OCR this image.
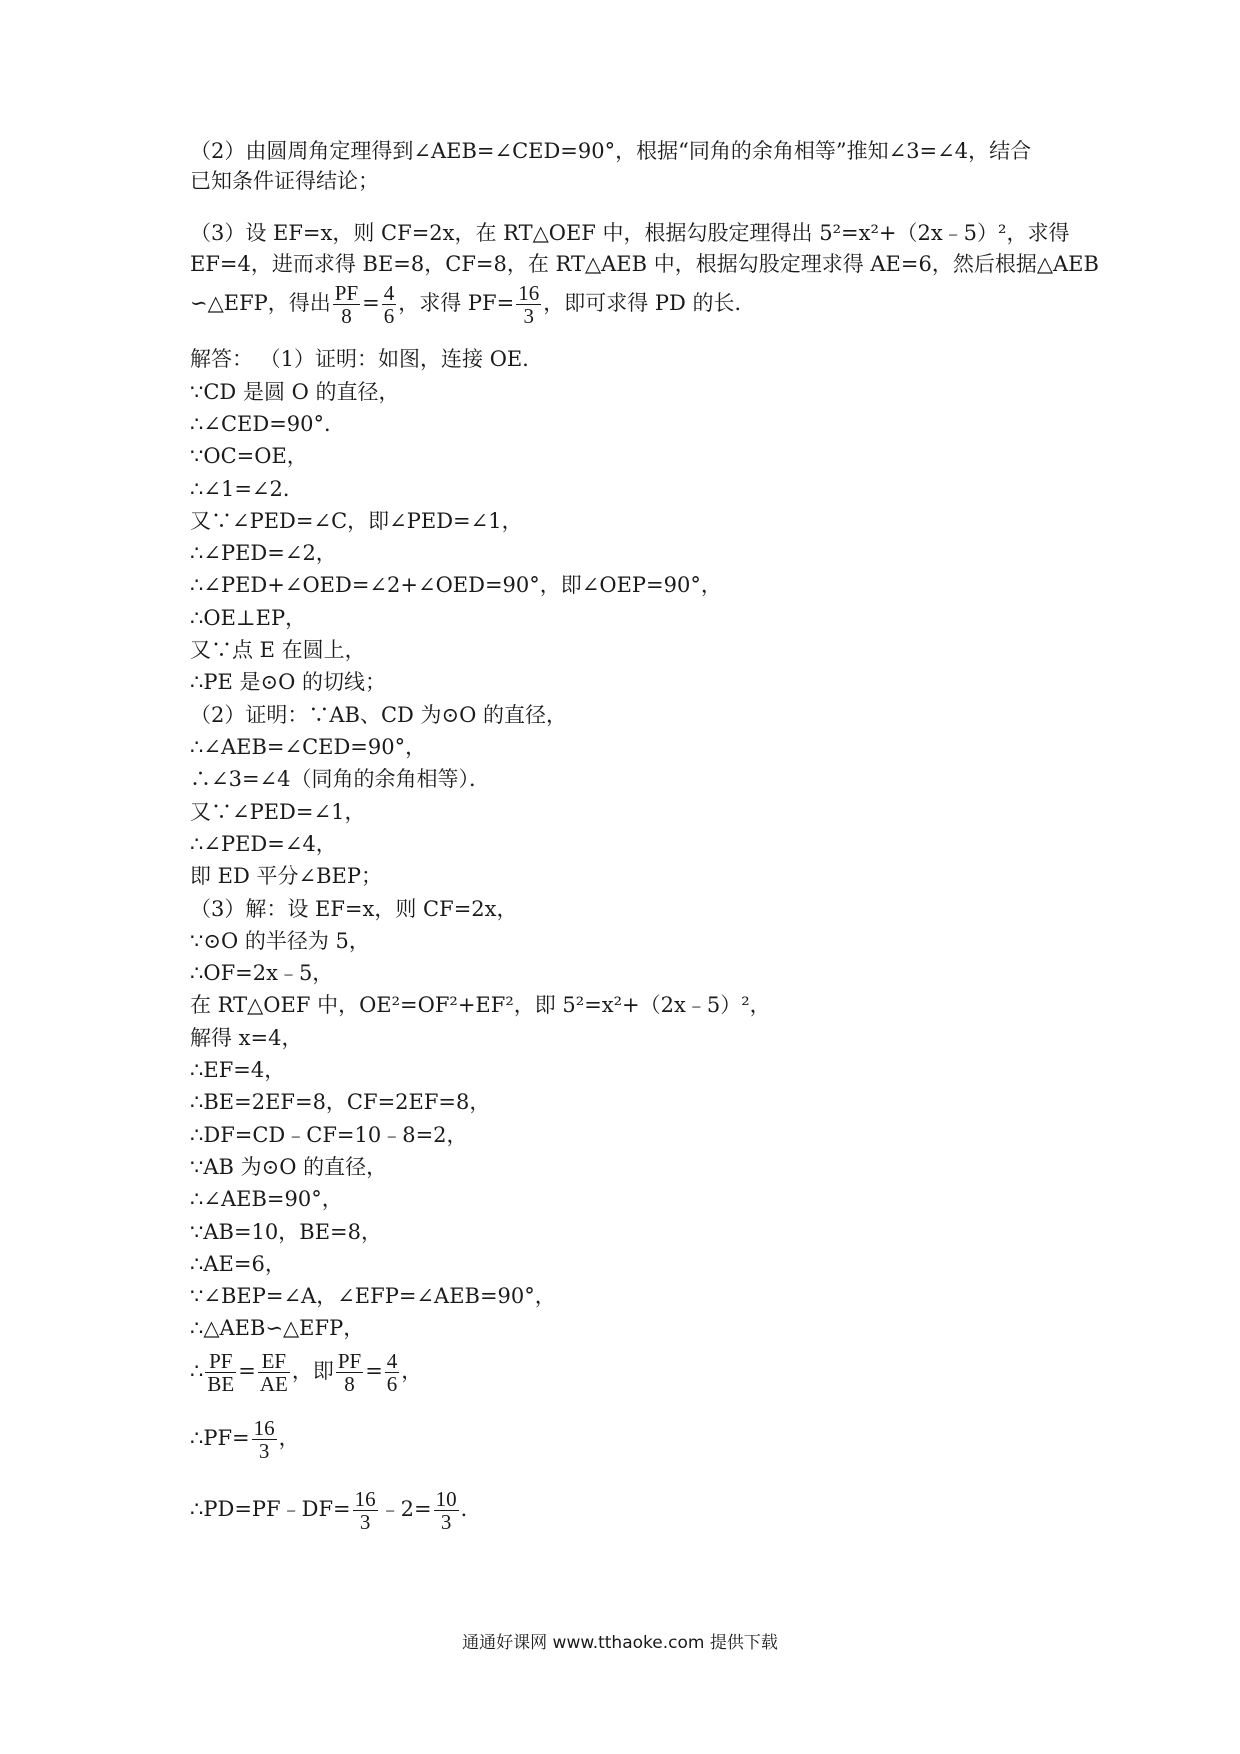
（2）由圆周角定理得到∠AEB=∠CED=90°，根据“同角的余角相等”推知∠3=∠4，结合
已知条件证得结论；
（3）设 EF=x，则 CF=2x，在 RT△OEF 中，根据勾股定理得出 5²=x²+（2x﹣5）²，求得
EF=4，进而求得 BE=8，CF=8，在 RT△AEB 中，根据勾股定理求得 AE=6，然后根据△AEB
∽△EFP，得出 $\frac{PF}{8} = \frac{4}{6}$ ，求得 $PF= \frac{16}{3}$ ，即可求得 PD 的长．
解答： （1）证明：如图，连接 OE．
∵CD 是圆 O 的直径，
∴∠CED=90°．
∵OC=OE，
∴∠1=∠2．
又∵∠PED=∠C，即∠PED=∠1，
∴∠PED=∠2，
∴∠PED+∠OED=∠2+∠OED=90°，即∠OEP=90°，
∴OE⊥EP，
又∵点 E 在圆上，
∴PE 是⊙O 的切线；
（2）证明：∵AB、CD 为⊙O 的直径，
∴∠AEB=∠CED=90°，
∴∠3=∠4（同角的余角相等）．
又∵∠PED=∠1，
∴∠PED=∠4，
即 ED 平分∠BEP；
（3）解：设 EF=x，则 CF=2x，
∵⊙O 的半径为 5，
∴OF=2x﹣5，
在 RT△OEF 中，OE²=OF²+EF²，即 5²=x²+（2x﹣5）²，
解得 x=4，
∴EF=4，
∴BE=2EF=8，CF=2EF=8，
∴DF=CD﹣CF=10﹣8=2，
∵AB 为⊙O 的直径，
∴∠AEB=90°，
∵AB=10，BE=8，
∴AE=6，
∵∠BEP=∠A，∠EFP=∠AEB=90°，
∴△AEB∽△EFP，
∴ $\frac{PF}{BE} = \frac{EF}{AE}$ ，即 $\frac{PF}{8} = \frac{4}{6}$ ，
∴PF= $\frac{16}{3}$ ，
∴PD=PF﹣DF= $\frac{16}{3}$ ﹣2= $\frac{10}{3}$ ．
通通好课网 www.tthaoke.com 提供下载
